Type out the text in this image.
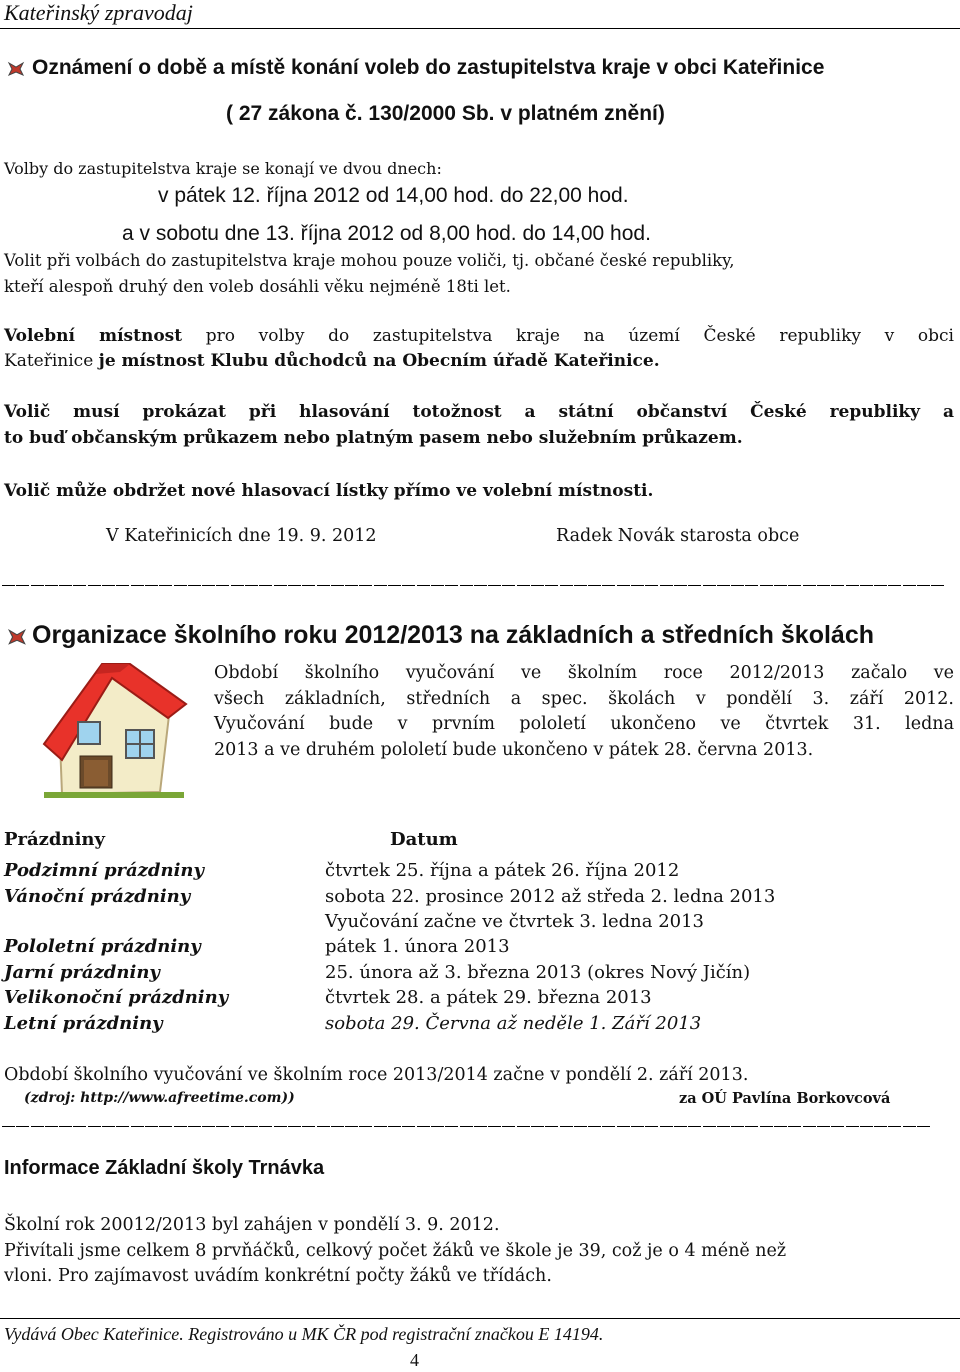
Kateřinský zpravodaj
Oznámení o době a místě konání voleb do zastupitelstva kraje v obci Kateřinice
( 27 zákona č. 130/2000 Sb. v platném znění)
Volby do zastupitelstva kraje se konají ve dvou dnech:
v pátek 12. října 2012 od 14,00 hod. do 22,00 hod.
a v sobotu dne 13. října 2012 od 8,00 hod. do 14,00 hod.
Volit při volbách do zastupitelstva kraje mohou pouze voliči, tj. občané české republiky,
kteří alespoň druhý den voleb dosáhli věku nejméně 18ti let.
Volební místnost pro volby do zastupitelstva kraje na území České republiky v obci
Kateřinice je místnost Klubu důchodců na Obecním úřadě Kateřinice.
Volič musí prokázat při hlasování totožnost a státní občanství České republiky a
to buď občanským průkazem nebo platným pasem nebo služebním průkazem.
Volič může obdržet nové hlasovací lístky přímo ve volební místnosti.
V Kateřinicích dne 19. 9. 2012	Radek Novák starosta obce
Organizace školního roku 2012/2013 na základních a středních školách
Období školního vyučování ve školním roce 2012/2013 začalo ve
všech základních, středních a spec. školách v pondělí 3. září 2012.
Vyučování bude v prvním pololetí ukončeno ve čtvrtek 31. ledna
2013 a ve druhém pololetí bude ukončeno v pátek 28. června 2013.
Prázdniny	Datum
Podzimní prázdniny	čtvrtek 25. října a pátek 26. října 2012
Vánoční prázdniny	sobota 22. prosince 2012 až středa 2. ledna 2013
Vyučování začne ve čtvrtek 3. ledna 2013
Pololetní prázdniny	pátek 1. února 2013
Jarní prázdniny	25. února až 3. března 2013 (okres Nový Jičín)
Velikonoční prázdniny	čtvrtek 28. a pátek 29. března 2013
Letní prázdniny	sobota 29. Června až neděle 1. Září 2013
Období školního vyučování ve školním roce 2013/2014 začne v pondělí 2. září 2013.
(zdroj: http://www.afreetime.com))	za OÚ Pavlína Borkovcová
Informace Základní školy Trnávka
Školní rok 20012/2013 byl zahájen v pondělí 3. 9. 2012.
Přivítali jsme celkem 8 prvňáčků, celkový počet žáků ve škole je 39, což je o 4 méně než
vloni. Pro zajímavost uvádím konkrétní počty žáků ve třídách.
Vydává Obec Kateřinice. Registrováno u MK ČR pod registrační značkou E 14194.
4
